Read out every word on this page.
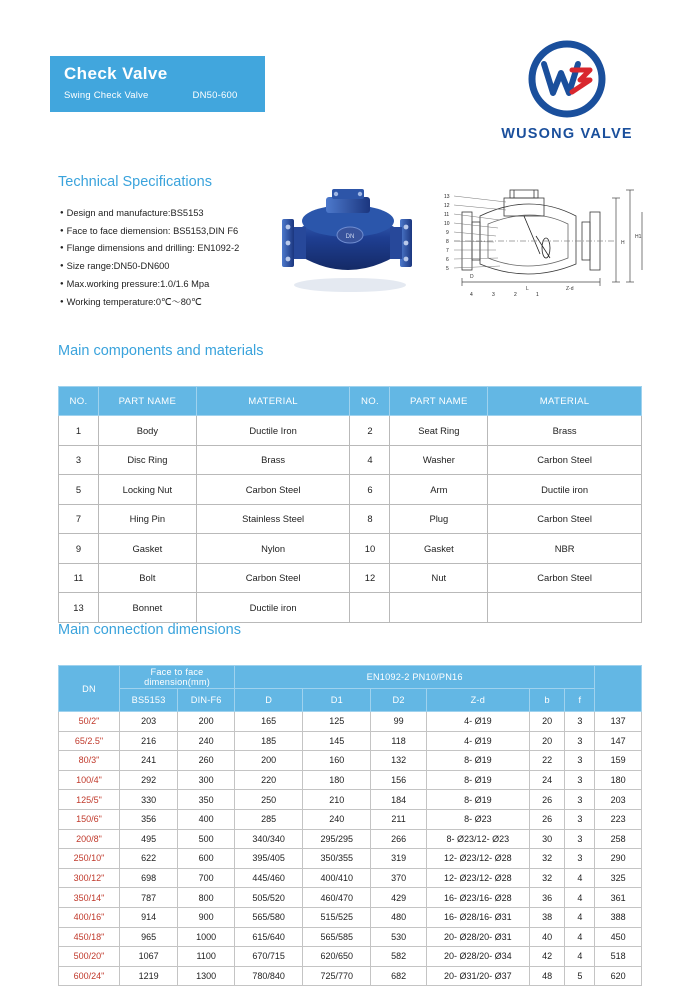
Check Valve
Swing Check Valve	DN50-600
WUSONG VALVE
Technical Specifications
● Design and manufacture:BS5153
● Face to face diemension: BS5153,DIN F6
● Flange dimensions and drilling: EN1092-2
● Size range:DN50-DN600
● Max.working pressure:1.0/1.6 Mpa
● Working temperature:0℃～80℃
DN
L
H
H1
Z-d
D
13
12
11
10
9
8
7
6
5
4	3	2	1
Main components and materials
NO.	PART NAME	MATERIAL	NO.	PART NAME	MATERIAL
1	Body	Ductile Iron	2	Seat Ring	Brass
3	Disc Ring	Brass	4	Washer	Carbon Steel
5	Locking Nut	Carbon Steel	6	Arm	Ductile iron
7	Hing Pin	Stainless Steel	8	Plug	Carbon Steel
9	Gasket	Nylon	10	Gasket	NBR
11	Bolt	Carbon Steel	12	Nut	Carbon Steel
13	Bonnet	Ductile iron			
Main connection dimensions
DN	Face to face dimension(mm)		EN1092-2 PN10/PN16						
	BS5153	DIN-F6	D	D1	D2	Z-d	b	f	
50/2"	203	200	165	125	99	4- Ø19	20	3	137
65/2.5"	216	240	185	145	118	4- Ø19	20	3	147
80/3"	241	260	200	160	132	8- Ø19	22	3	159
100/4"	292	300	220	180	156	8- Ø19	24	3	180
125/5"	330	350	250	210	184	8- Ø19	26	3	203
150/6"	356	400	285	240	211	8- Ø23	26	3	223
200/8"	495	500	340/340	295/295	266	8- Ø23/12- Ø23	30	3	258
250/10"	622	600	395/405	350/355	319	12- Ø23/12- Ø28	32	3	290
300/12"	698	700	445/460	400/410	370	12- Ø23/12- Ø28	32	4	325
350/14"	787	800	505/520	460/470	429	16- Ø23/16- Ø28	36	4	361
400/16"	914	900	565/580	515/525	480	16- Ø28/16- Ø31	38	4	388
450/18"	965	1000	615/640	565/585	530	20- Ø28/20- Ø31	40	4	450
500/20"	1067	1100	670/715	620/650	582	20- Ø28/20- Ø34	42	4	518
600/24"	1219	1300	780/840	725/770	682	20- Ø31/20- Ø37	48	5	620
